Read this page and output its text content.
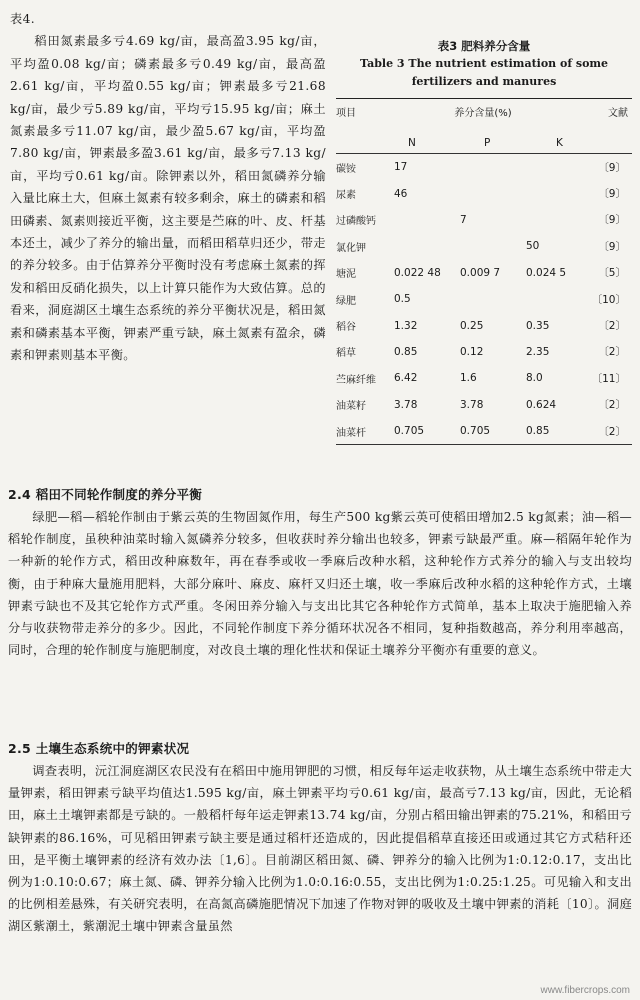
表4.

稻田氮素最多亏4.69 kg/亩，最高盈3.95 kg/亩，平均盈0.08 kg/亩；磷素最多亏0.49 kg/亩，最高盈2.61 kg/亩，平均盈0.55 kg/亩；钾素最多亏21.68 kg/亩，最少亏5.89 kg/亩，平均亏15.95 kg/亩；麻土氮素最多亏11.07 kg/亩，最少盈5.67 kg/亩，平均盈7.80 kg/亩，钾素最多盈3.61 kg/亩，最多亏7.13 kg/亩，平均亏0.61 kg/亩。除钾素以外，稻田氮磷养分输入量比麻土大，但麻土氮素有较多剩余，麻土的磷素和稻田磷素、氮素则接近平衡，这主要是苎麻的叶、皮、杆基本还土，减少了养分的输出量，而稻田稻草归还少，带走的养分较多。由于估算养分平衡时没有考虑麻土氮素的挥发和稻田反硝化损失，以上计算只能作为大致估算。总的看来，洞庭湖区土壤生态系统的养分平衡状况是，稻田氮素和磷素基本平衡，钾素严重亏缺，麻土氮素有盈余，磷素和钾素则基本平衡。

表3 肥料养分含量
Table 3 The nutrient estimation of some
fertilizers and manures
项目	养分含量(%)	文献
N	P	K
碳铵	17			〔9〕
尿素	46			〔9〕
过磷酸钙		7		〔9〕
氯化钾			50	〔9〕
塘泥	0.022 48	0.009 7	0.024 5	〔5〕
绿肥	0.5			〔10〕
稻谷	1.32	0.25	0.35	〔2〕
稻草	0.85	0.12	2.35	〔2〕
苎麻纤维	6.42	1.6	8.0	〔11〕
油菜籽	3.78	3.78	0.624	〔2〕
油菜杆	0.705	0.705	0.85	〔2〕
2.4 稻田不同轮作制度的养分平衡

绿肥—稻—稻轮作制由于紫云英的生物固氮作用，每生产500 kg紫云英可使稻田增加2.5 kg氮素；油—稻—稻轮作制度，虽秧种油菜时输入氮磷养分较多，但收获时养分输出也较多，钾素亏缺最严重。麻—稻隔年轮作为一种新的轮作方式，稻田改种麻数年，再在春季或收一季麻后改种水稻，这种轮作方式养分的输入与支出较均衡，由于种麻大量施用肥料，大部分麻叶、麻皮、麻杆又归还土壤，收一季麻后改种水稻的这种轮作方式，土壤钾素亏缺也不及其它轮作方式严重。冬闲田养分输入与支出比其它各种轮作方式简单，基本上取决于施肥输入养分与收获物带走养分的多少。因此，不同轮作制度下养分循环状况各不相同，复种指数越高，养分利用率越高，同时，合理的轮作制度与施肥制度，对改良土壤的理化性状和保证土壤养分平衡亦有重要的意义。

2.5 土壤生态系统中的钾素状况

调查表明，沅江洞庭湖区农民没有在稻田中施用钾肥的习惯，相反每年运走收获物，从土壤生态系统中带走大量钾素，稻田钾素亏缺平均值达1.595 kg/亩，麻土钾素平均亏0.61 kg/亩，最高亏7.13 kg/亩，因此，无论稻田，麻土土壤钾素都是亏缺的。一般稻杆每年运走钾素13.74 kg/亩，分别占稻田输出钾素的75.21%，和稻田亏缺钾素的86.16%，可见稻田钾素亏缺主要是通过稻杆还造成的，因此提倡稻草直接还田或通过其它方式秸秆还田，是平衡土壤钾素的经济有效办法〔1,6〕。目前湖区稻田氮、磷、钾养分的输入比例为1:0.12:0.17，支出比例为1:0.10:0.67；麻土氮、磷、钾养分输入比例为1.0:0.16:0.55，支出比例为1:0.25:1.25。可见输入和支出的比例相差悬殊，有关研究表明，在高氮高磷施肥情况下加速了作物对钾的吸收及土壤中钾素的消耗〔10〕。洞庭湖区紫潮土，紫潮泥土壤中钾素含量虽然

www.fibercrops.com
